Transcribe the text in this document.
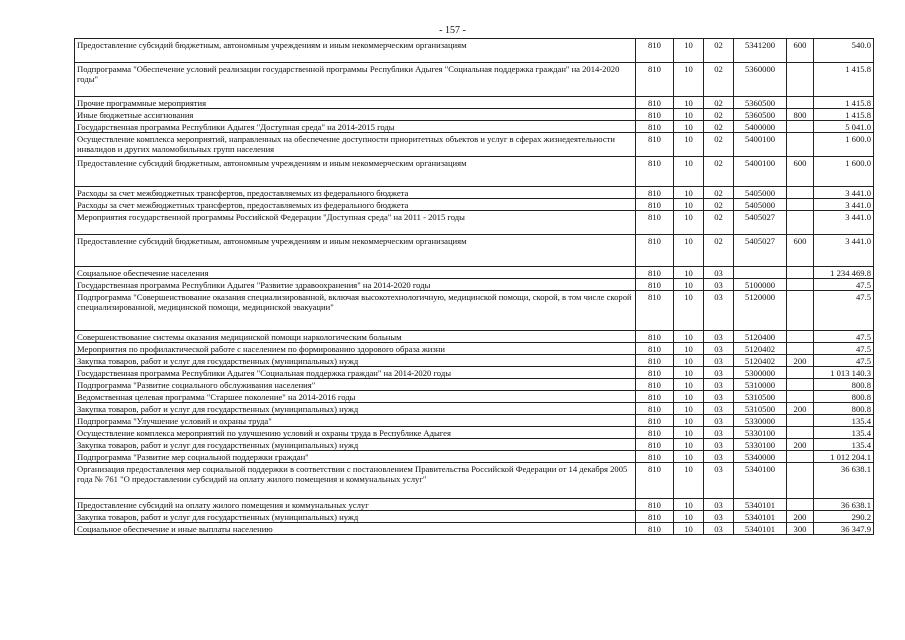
- 157 -
Предоставление субсидий бюджетным, автономным учреждениям и иным некоммерческим организациям	810	10	02	5341200	600	540.0
Подпрограмма "Обеспечение условий реализации государственной программы Республики Адыгея "Социальная поддержка граждан" на 2014-2020 годы"	810	10	02	5360000		1 415.8
Прочие программные мероприятия	810	10	02	5360500		1 415.8
Иные бюджетные ассигнования	810	10	02	5360500	800	1 415.8
Государственная программа Республики Адыгея "Доступная среда" на 2014-2015 годы	810	10	02	5400000		5 041.0
Осуществление комплекса мероприятий, направленных на обеспечение доступности приоритетных объектов и услуг в сферах жизнедеятельности инвалидов и других маломобильных групп населения	810	10	02	5400100		1 600.0
Предоставление субсидий бюджетным, автономным учреждениям и иным некоммерческим организациям	810	10	02	5400100	600	1 600.0
Расходы за счет межбюджетных трансфертов, предоставляемых из федерального бюджета	810	10	02	5405000		3 441.0
Расходы за счет межбюджетных трансфертов, предоставляемых из федерального бюджета	810	10	02	5405000		3 441.0
Мероприятия государственной программы Российской Федерации "Доступная среда" на 2011 - 2015 годы	810	10	02	5405027		3 441.0
Предоставление субсидий бюджетным, автономным учреждениям и иным некоммерческим организациям	810	10	02	5405027	600	3 441.0
Социальное обеспечение населения	810	10	03			1 234 469.8
Государственная программа Республики Адыгея "Развитие здравоохранения" на 2014-2020 годы	810	10	03	5100000		47.5
Подпрограмма "Совершенствование оказания специализированной, включая высокотехнологичную, медицинской помощи, скорой, в том числе скорой специализированной, медицинской помощи, медицинской эвакуации"	810	10	03	5120000		47.5
Совершенствование системы оказания медицинской помощи наркологическим больным	810	10	03	5120400		47.5
Мероприятия по профилактической работе с населением по формированию здорового образа жизни	810	10	03	5120402		47.5
Закупка товаров, работ и услуг для государственных (муниципальных) нужд	810	10	03	5120402	200	47.5
Государственная программа Республики Адыгея "Социальная поддержка граждан" на 2014-2020 годы	810	10	03	5300000		1 013 140.3
Подпрограмма "Развитие социального обслуживания населения"	810	10	03	5310000		800.8
Ведомственная целевая программа "Старшее поколение" на 2014-2016 годы	810	10	03	5310500		800.8
Закупка товаров, работ и услуг для государственных (муниципальных) нужд	810	10	03	5310500	200	800.8
Подпрограмма "Улучшение условий и охраны труда"	810	10	03	5330000		135.4
Осуществление комплекса мероприятий по улучшению условий и охраны труда в Республике Адыгея	810	10	03	5330100		135.4
Закупка товаров, работ и услуг для государственных (муниципальных) нужд	810	10	03	5330100	200	135.4
Подпрограмма "Развитие мер социальной поддержки граждан"	810	10	03	5340000		1 012 204.1
Организация предоставления мер социальной поддержки в соответствии с постановлением Правительства Российской Федерации от 14 декабря 2005 года № 761 "О предоставлении субсидий на оплату жилого помещения и коммунальных услуг"	810	10	03	5340100		36 638.1
Предоставление субсидий на оплату жилого помещения и коммунальных услуг	810	10	03	5340101		36 638.1
Закупка товаров, работ и услуг для государственных (муниципальных) нужд	810	10	03	5340101	200	290.2
Социальное обеспечение и иные выплаты населению	810	10	03	5340101	300	36 347.9
